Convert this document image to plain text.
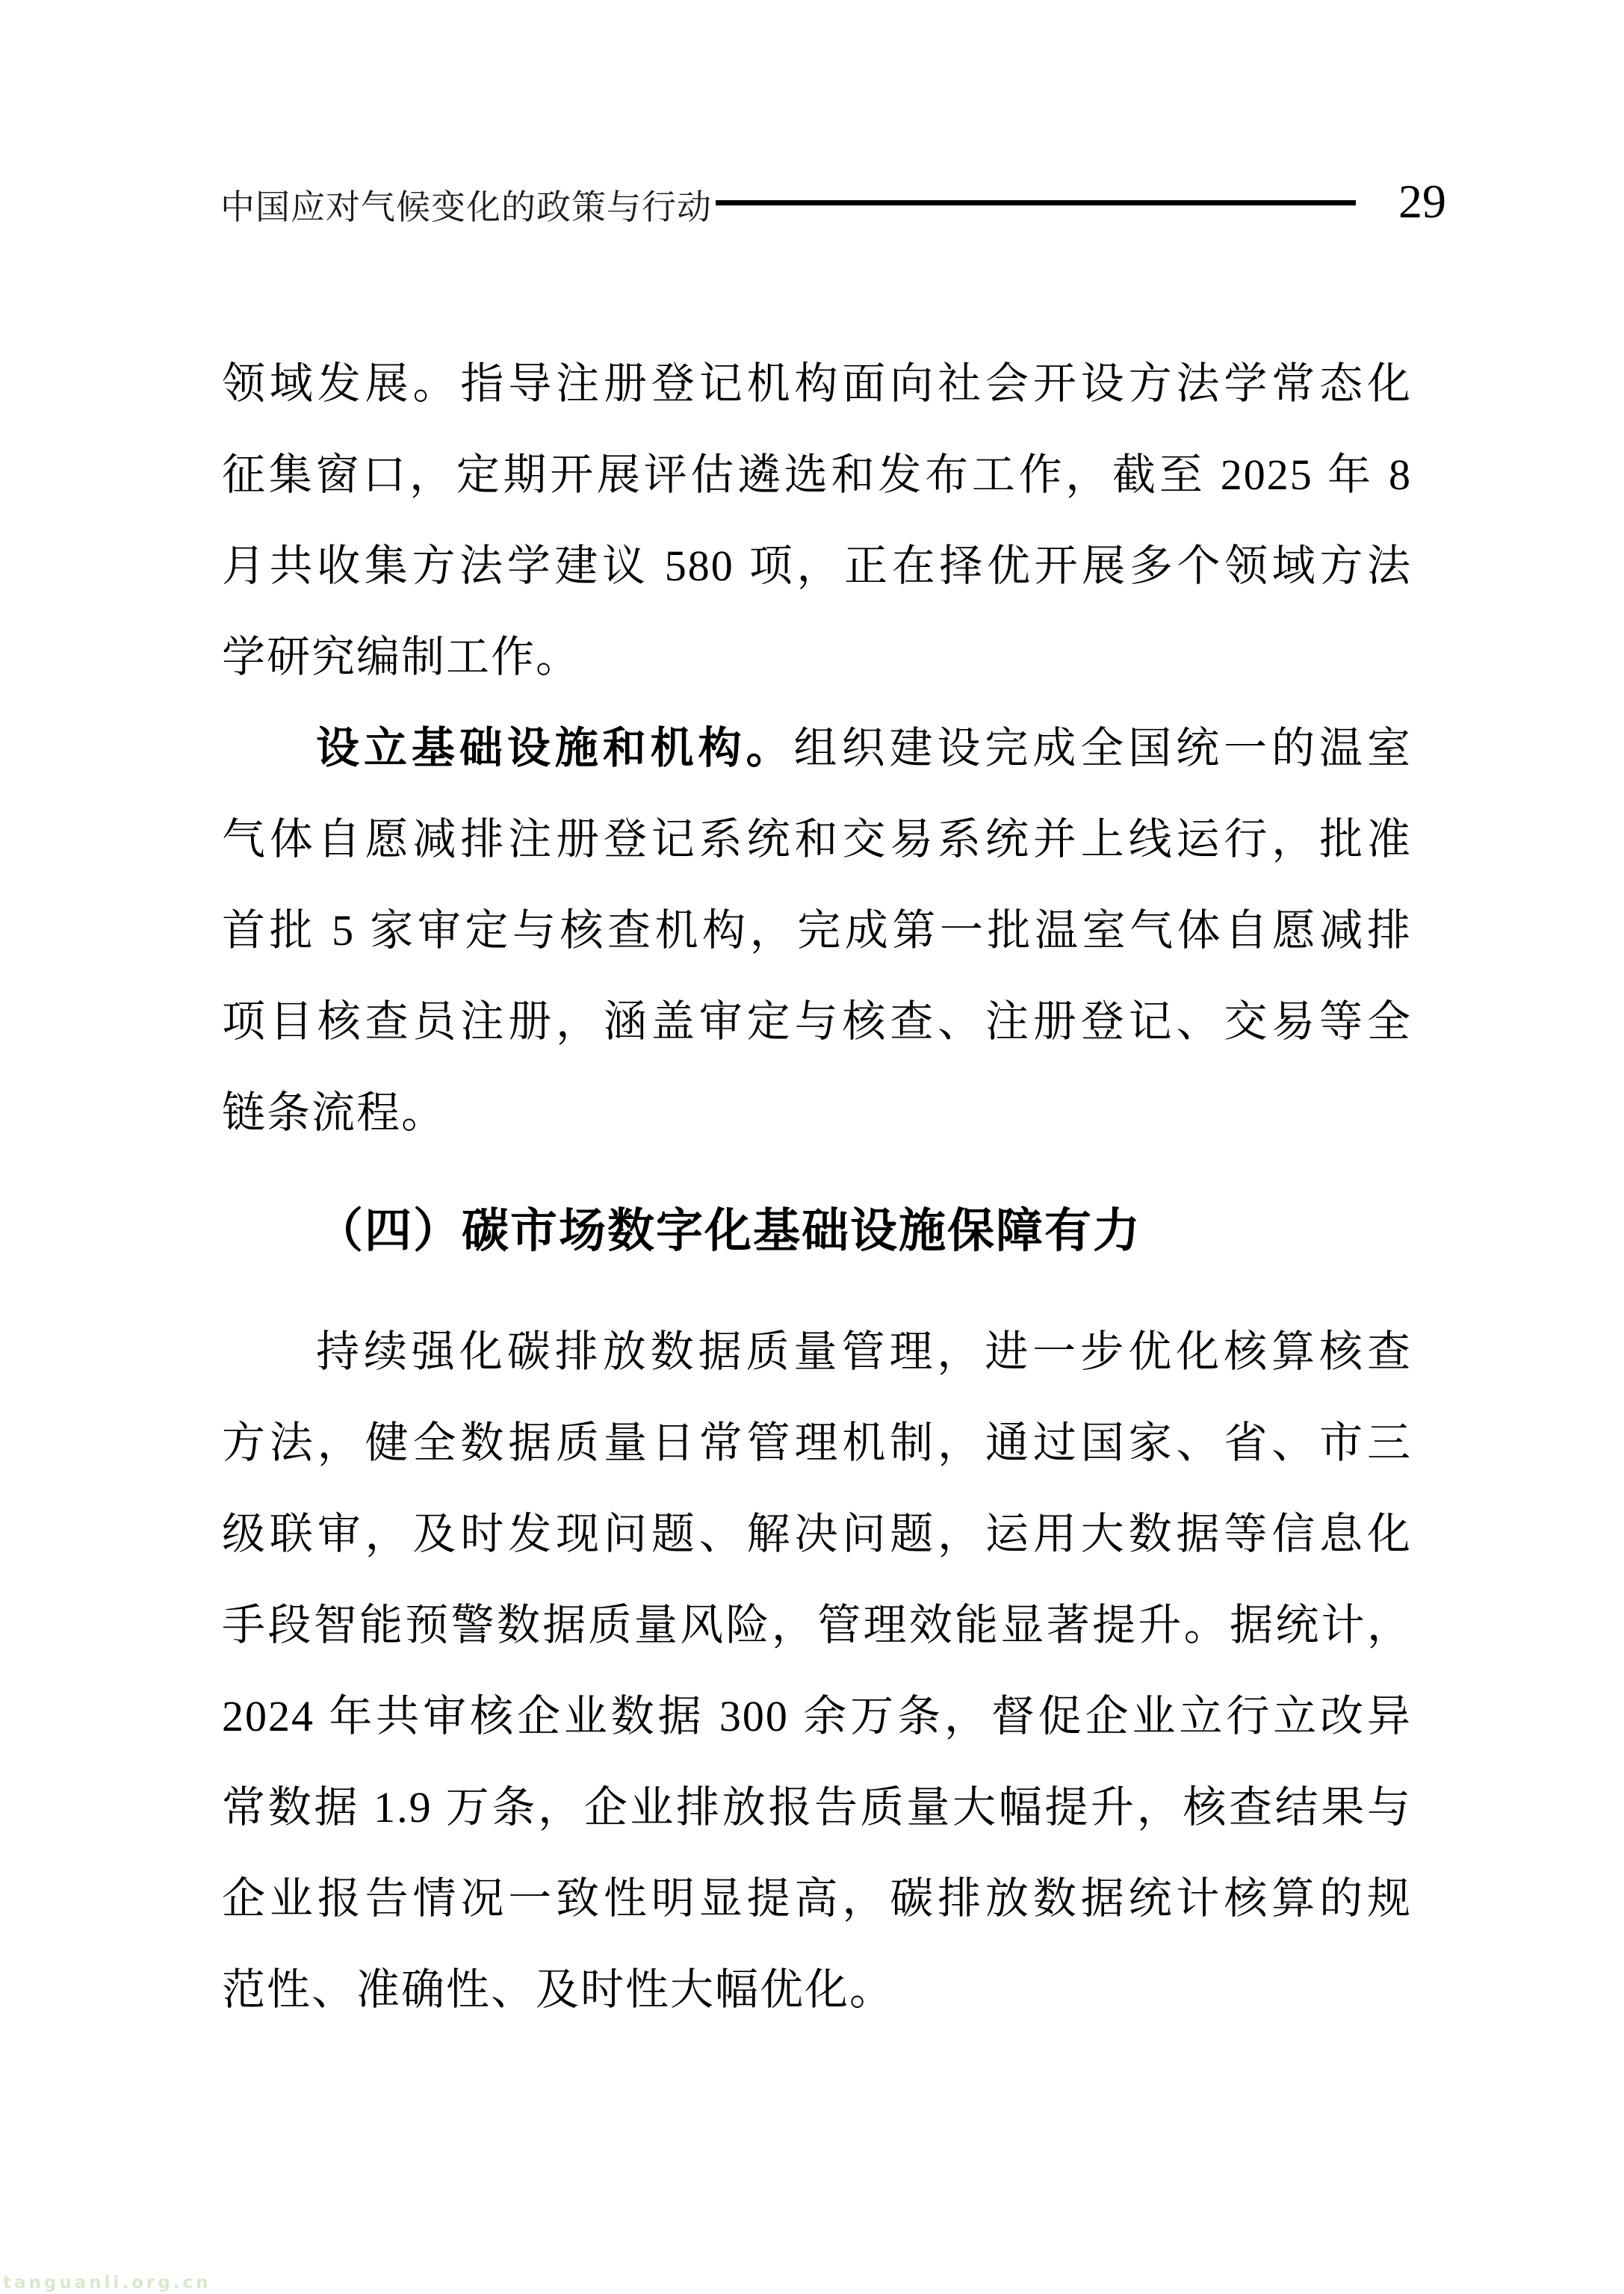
中国应对气候变化的政策与行动	29
领域发展。指导注册登记机构面向社会开设方法学常态化
征集窗口，定期开展评估遴选和发布工作，截至 2025 年 8
月共收集方法学建议 580 项，正在择优开展多个领域方法
学研究编制工作。
设立基础设施和机构。组织建设完成全国统一的温室
气体自愿减排注册登记系统和交易系统并上线运行，批准
首批 5 家审定与核查机构，完成第一批温室气体自愿减排
项目核查员注册，涵盖审定与核查、注册登记、交易等全
链条流程。
（四）碳市场数字化基础设施保障有力
持续强化碳排放数据质量管理，进一步优化核算核查
方法，健全数据质量日常管理机制，通过国家、省、市三
级联审，及时发现问题、解决问题，运用大数据等信息化
手段智能预警数据质量风险，管理效能显著提升。据统计，
2024 年共审核企业数据 300 余万条，督促企业立行立改异
常数据 1.9 万条，企业排放报告质量大幅提升，核查结果与
企业报告情况一致性明显提高，碳排放数据统计核算的规
范性、准确性、及时性大幅优化。
tanguanli.org.cn
